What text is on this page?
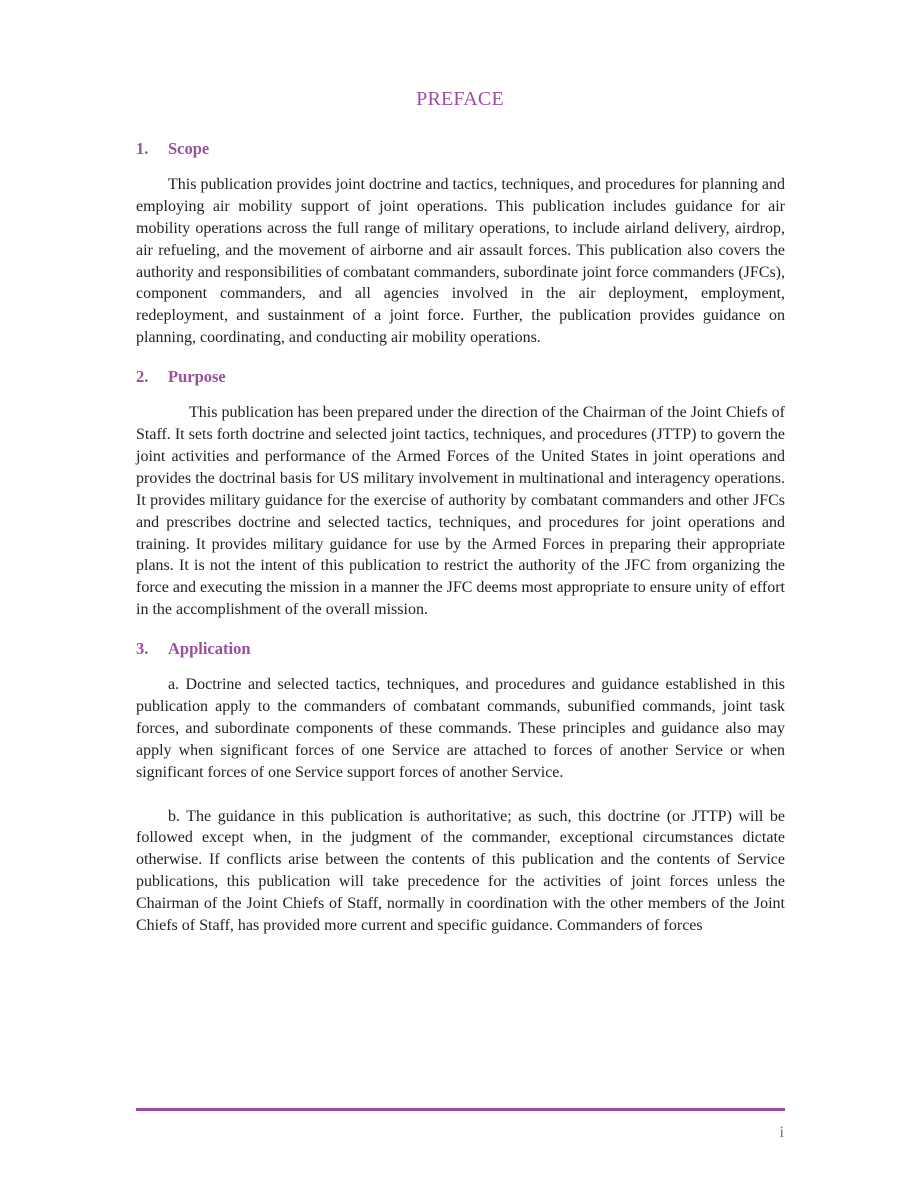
PREFACE
1. Scope

This publication provides joint doctrine and tactics, techniques, and procedures for planning and employing air mobility support of joint operations. This publication includes guidance for air mobility operations across the full range of military operations, to include airland delivery, airdrop, air refueling, and the movement of airborne and air assault forces. This publication also covers the authority and responsibilities of combatant commanders, subordinate joint force commanders (JFCs), component commanders, and all agencies involved in the air deployment, employment, redeployment, and sustainment of a joint force. Further, the publication provides guidance on planning, coordinating, and conducting air mobility operations.

2. Purpose

This publication has been prepared under the direction of the Chairman of the Joint Chiefs of Staff. It sets forth doctrine and selected joint tactics, techniques, and procedures (JTTP) to govern the joint activities and performance of the Armed Forces of the United States in joint operations and provides the doctrinal basis for US military involvement in multinational and interagency operations. It provides military guidance for the exercise of authority by combatant commanders and other JFCs and prescribes doctrine and selected tactics, techniques, and procedures for joint operations and training. It provides military guidance for use by the Armed Forces in preparing their appropriate plans. It is not the intent of this publication to restrict the authority of the JFC from organizing the force and executing the mission in a manner the JFC deems most appropriate to ensure unity of effort in the accomplishment of the overall mission.

3. Application

a. Doctrine and selected tactics, techniques, and procedures and guidance established in this publication apply to the commanders of combatant commands, subunified commands, joint task forces, and subordinate components of these commands. These principles and guidance also may apply when significant forces of one Service are attached to forces of another Service or when significant forces of one Service support forces of another Service.

b. The guidance in this publication is authoritative; as such, this doctrine (or JTTP) will be followed except when, in the judgment of the commander, exceptional circumstances dictate otherwise. If conflicts arise between the contents of this publication and the contents of Service publications, this publication will take precedence for the activities of joint forces unless the Chairman of the Joint Chiefs of Staff, normally in coordination with the other members of the Joint Chiefs of Staff, has provided more current and specific guidance. Commanders of forces

i
